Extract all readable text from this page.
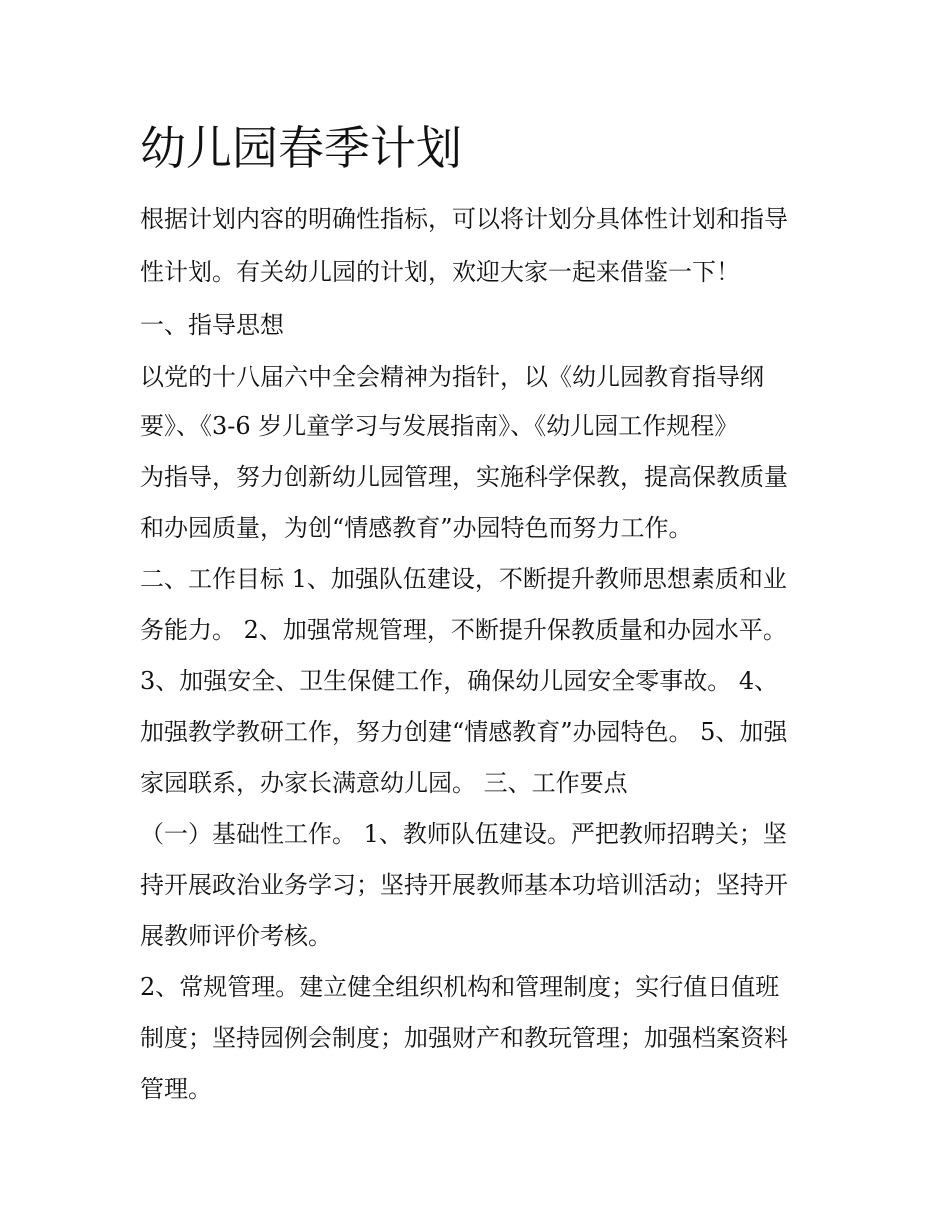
幼儿园春季计划

根据计划内容的明确性指标，可以将计划分具体性计划和指导

性计划。有关幼儿园的计划，欢迎大家一起来借鉴一下！

一、指导思想

以党的十八届六中全会精神为指针，以《幼儿园教育指导纲

要》、《3-6 岁儿童学习与发展指南》、《幼儿园工作规程》

为指导，努力创新幼儿园管理，实施科学保教，提高保教质量

和办园质量，为创“情感教育”办园特色而努力工作。

二、工作目标 1、加强队伍建设，不断提升教师思想素质和业

务能力。 2、加强常规管理，不断提升保教质量和办园水平。

3、加强安全、卫生保健工作，确保幼儿园安全零事故。 4、

加强教学教研工作，努力创建“情感教育”办园特色。 5、加强

家园联系，办家长满意幼儿园。 三、工作要点

（一）基础性工作。 1、教师队伍建设。严把教师招聘关；坚

持开展政治业务学习；坚持开展教师基本功培训活动；坚持开

展教师评价考核。

2、常规管理。建立健全组织机构和管理制度；实行值日值班

制度；坚持园例会制度；加强财产和教玩管理；加强档案资料

管理。
